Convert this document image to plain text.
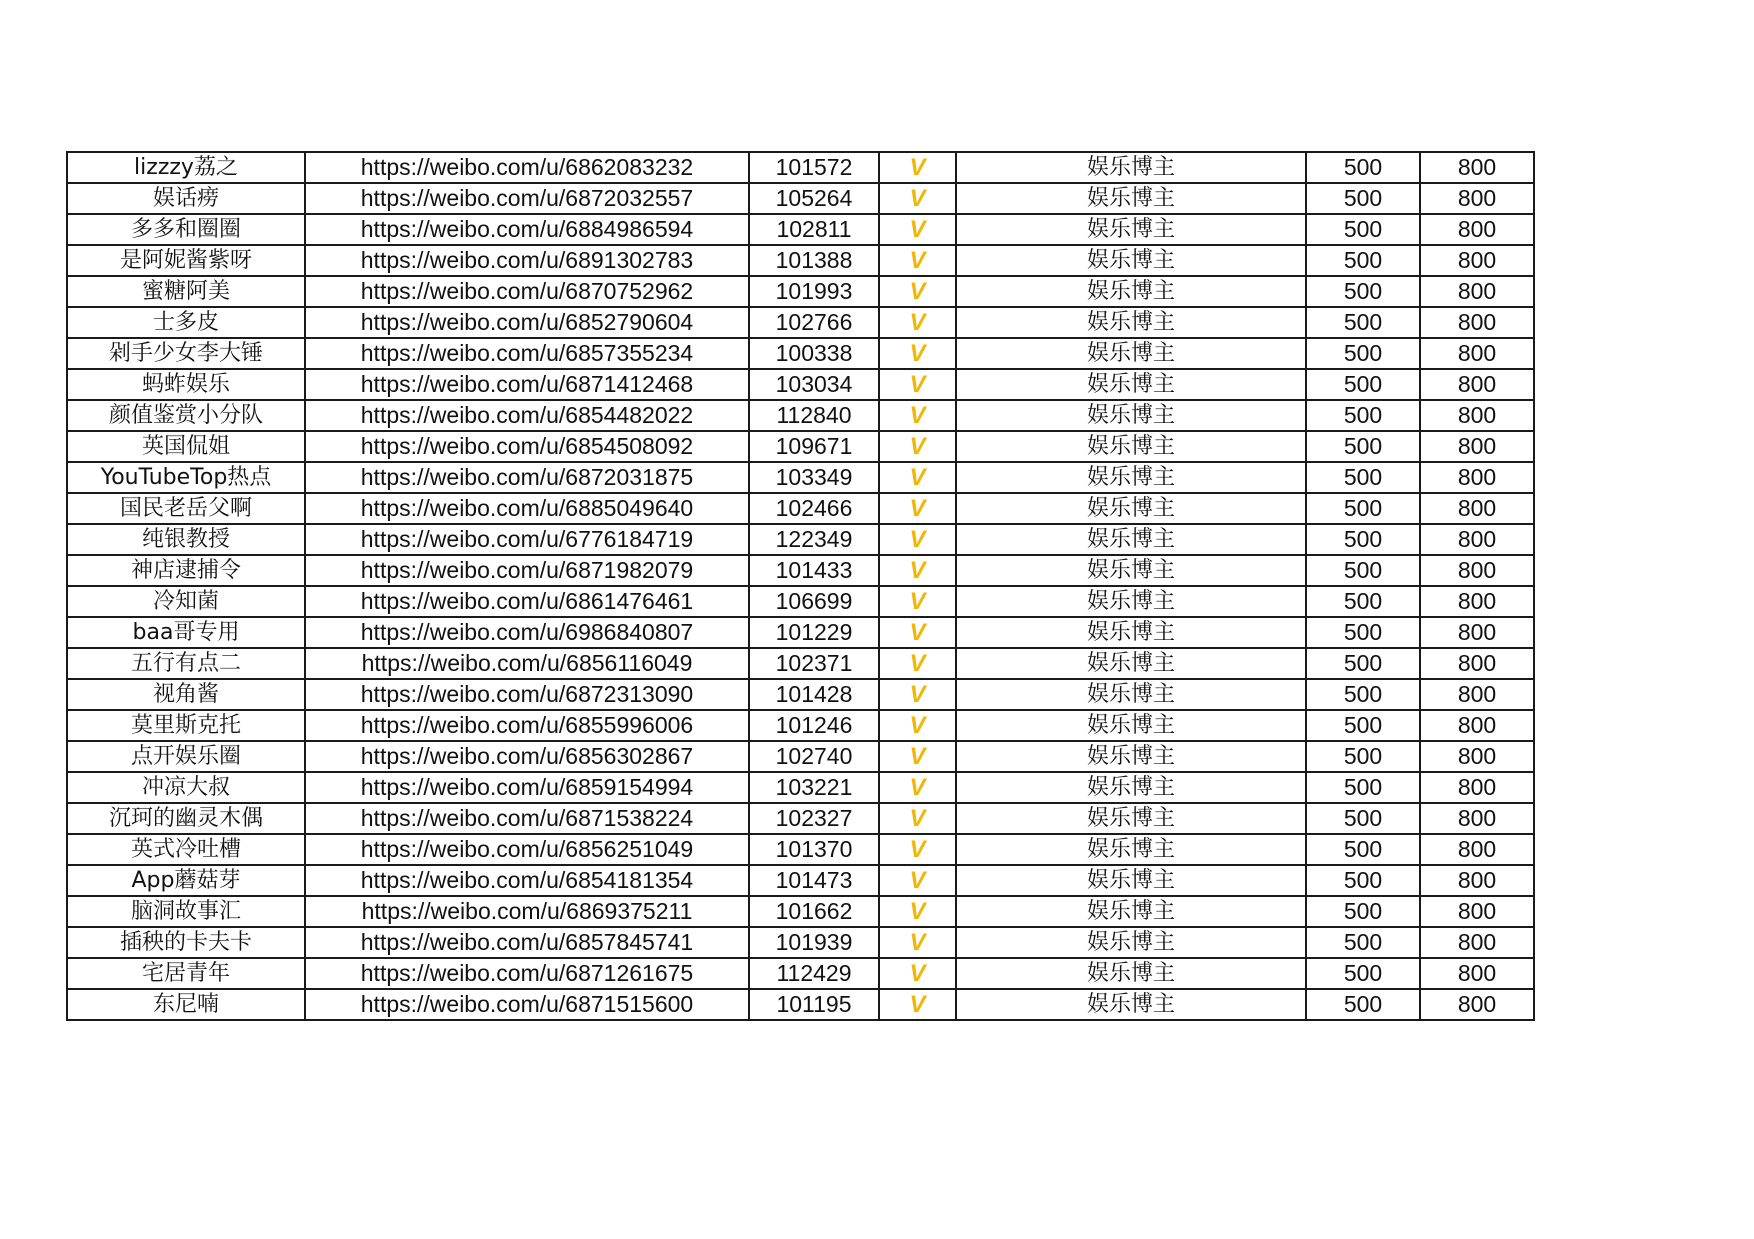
lizzzy荔之	https://weibo.com/u/6862083232	101572	V	娱乐博主	500	800
娱话痨	https://weibo.com/u/6872032557	105264	V	娱乐博主	500	800
多多和圈圈	https://weibo.com/u/6884986594	102811	V	娱乐博主	500	800
是阿妮酱紫呀	https://weibo.com/u/6891302783	101388	V	娱乐博主	500	800
蜜糖阿美	https://weibo.com/u/6870752962	101993	V	娱乐博主	500	800
士多皮	https://weibo.com/u/6852790604	102766	V	娱乐博主	500	800
剁手少女李大锤	https://weibo.com/u/6857355234	100338	V	娱乐博主	500	800
蚂蚱娱乐	https://weibo.com/u/6871412468	103034	V	娱乐博主	500	800
颜值鉴赏小分队	https://weibo.com/u/6854482022	112840	V	娱乐博主	500	800
英国侃姐	https://weibo.com/u/6854508092	109671	V	娱乐博主	500	800
YouTubeTop热点	https://weibo.com/u/6872031875	103349	V	娱乐博主	500	800
国民老岳父啊	https://weibo.com/u/6885049640	102466	V	娱乐博主	500	800
纯银教授	https://weibo.com/u/6776184719	122349	V	娱乐博主	500	800
神店逮捕令	https://weibo.com/u/6871982079	101433	V	娱乐博主	500	800
冷知菌	https://weibo.com/u/6861476461	106699	V	娱乐博主	500	800
baa哥专用	https://weibo.com/u/6986840807	101229	V	娱乐博主	500	800
五行有点二	https://weibo.com/u/6856116049	102371	V	娱乐博主	500	800
视角酱	https://weibo.com/u/6872313090	101428	V	娱乐博主	500	800
莫里斯克托	https://weibo.com/u/6855996006	101246	V	娱乐博主	500	800
点开娱乐圈	https://weibo.com/u/6856302867	102740	V	娱乐博主	500	800
冲凉大叔	https://weibo.com/u/6859154994	103221	V	娱乐博主	500	800
沉珂的幽灵木偶	https://weibo.com/u/6871538224	102327	V	娱乐博主	500	800
英式冷吐槽	https://weibo.com/u/6856251049	101370	V	娱乐博主	500	800
App蘑菇芽	https://weibo.com/u/6854181354	101473	V	娱乐博主	500	800
脑洞故事汇	https://weibo.com/u/6869375211	101662	V	娱乐博主	500	800
插秧的卡夫卡	https://weibo.com/u/6857845741	101939	V	娱乐博主	500	800
宅居青年	https://weibo.com/u/6871261675	112429	V	娱乐博主	500	800
东尼喃	https://weibo.com/u/6871515600	101195	V	娱乐博主	500	800
